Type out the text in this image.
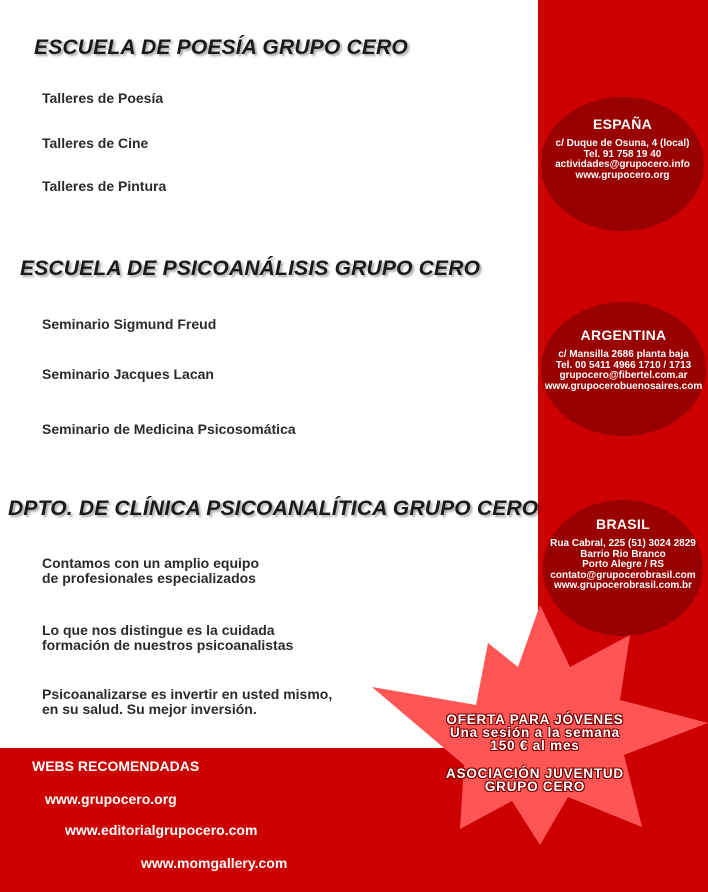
ESCUELA DE POESÍA GRUPO CERO
Talleres de Poesía
Talleres de Cine
Talleres de Pintura
ESCUELA DE PSICOANÁLISIS GRUPO CERO
Seminario Sigmund Freud
Seminario Jacques Lacan
Seminario de Medicina Psicosomática
DPTO. DE CLÍNICA PSICOANALÍTICA GRUPO CERO
Contamos con un amplio equipo
de profesionales especializados
Lo que nos distingue es la cuidada
formación de nuestros psicoanalistas
Psicoanalizarse es invertir en usted mismo,
en su salud. Su mejor inversión.
ESPAÑA
c/ Duque de Osuna, 4 (local)
Tel. 91 758 19 40
actividades@grupocero.info
www.grupocero.org
ARGENTINA
c/ Mansilla 2686 planta baja
Tel. 00 5411 4966 1710 / 1713
grupocero@fibertel.com.ar
www.grupocerobuenosaires.com
BRASIL
Rua Cabral, 225 (51) 3024 2829
Barrio Rio Branco
Porto Alegre / RS
contato@grupocerobrasil.com
www.grupocerobrasil.com.br
OFERTA PARA JÓVENES
Una sesión a la semana
150 € al mes
ASOCIACIÓN JUVENTUD
GRUPO CERO
WEBS RECOMENDADAS
www.grupocero.org
www.editorialgrupocero.com
www.momgallery.com
